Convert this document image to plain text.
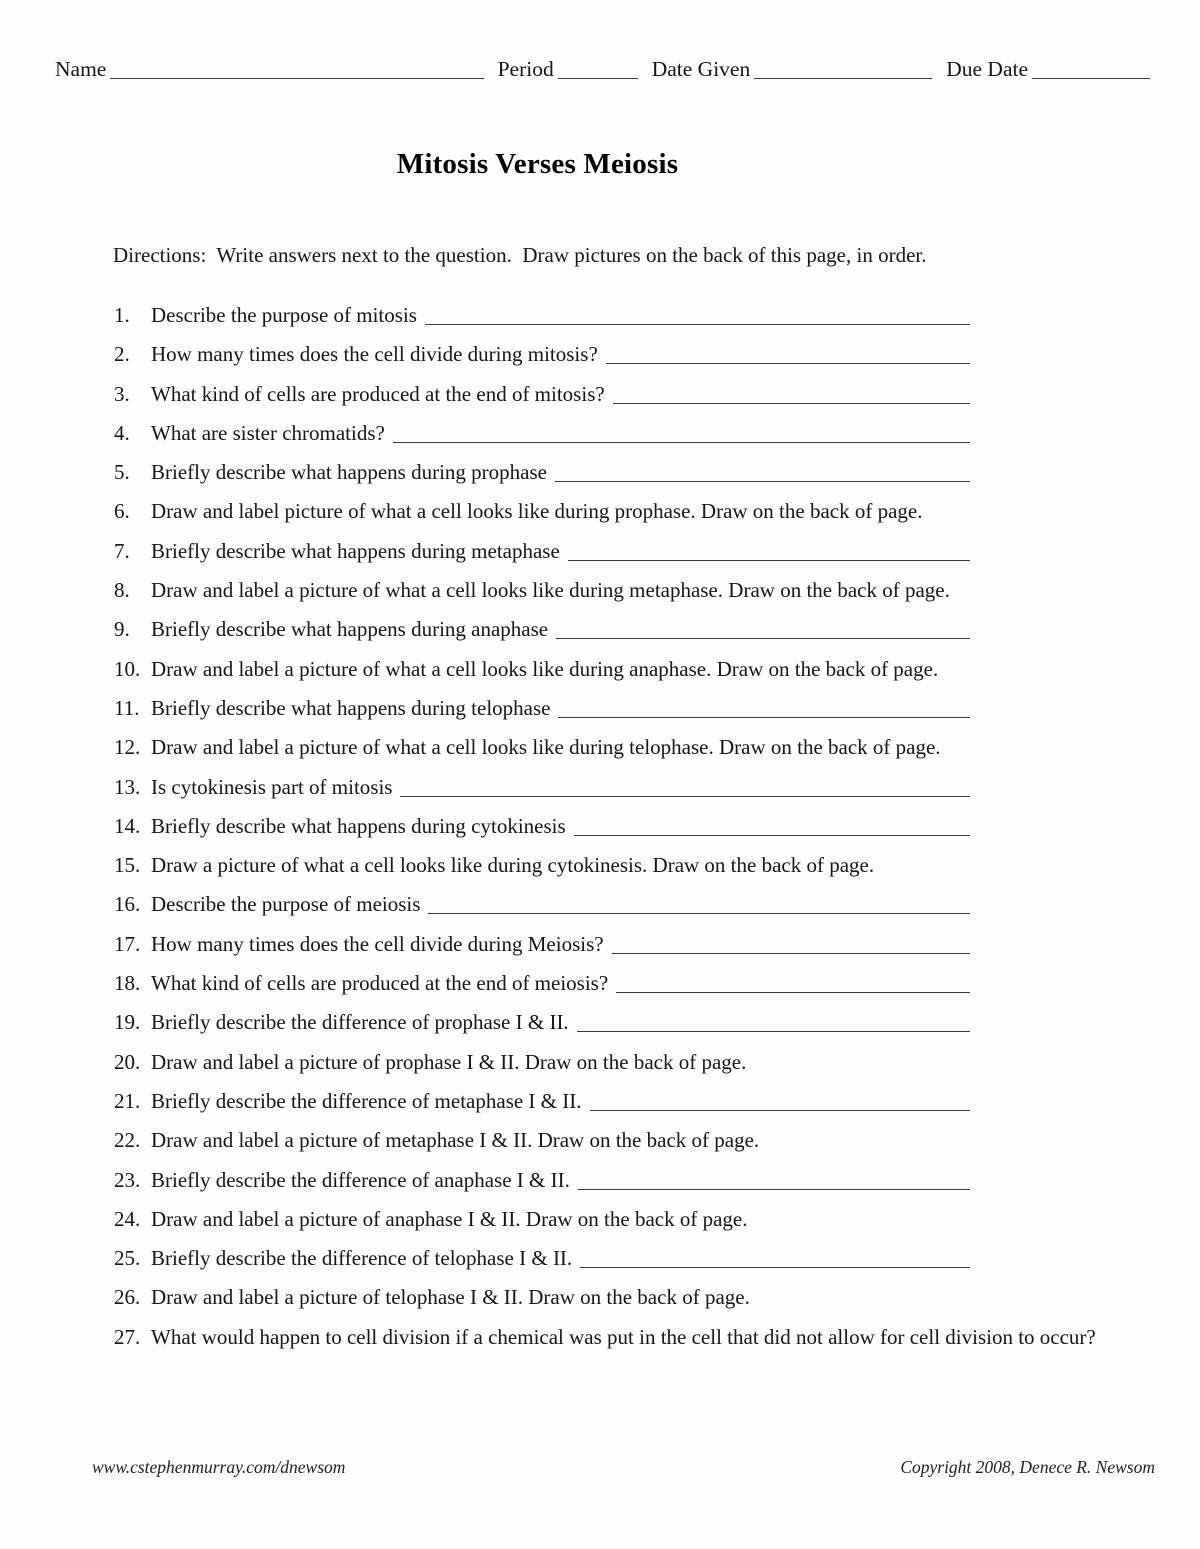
Name	Period	Date Given	Due Date
Mitosis Verses Meiosis
Directions:  Write answers next to the question.  Draw pictures on the back of this page, in order.
1.	Describe the purpose of mitosis
2.	How many times does the cell divide during mitosis?
3.	What kind of cells are produced at the end of mitosis?
4.	What are sister chromatids?
5.	Briefly describe what happens during prophase
6.	Draw and label picture of what a cell looks like during prophase. Draw on the back of page.
7.	Briefly describe what happens during metaphase
8.	Draw and label a picture of what a cell looks like during metaphase. Draw on the back of page.
9.	Briefly describe what happens during anaphase
10. Draw and label a picture of what a cell looks like during anaphase. Draw on the back of page.
11. Briefly describe what happens during telophase
12. Draw and label a picture of what a cell looks like during telophase. Draw on the back of page.
13. Is cytokinesis part of mitosis
14. Briefly describe what happens during cytokinesis
15. Draw a picture of what a cell looks like during cytokinesis. Draw on the back of page.
16. Describe the purpose of meiosis
17. How many times does the cell divide during Meiosis?
18. What kind of cells are produced at the end of meiosis?
19. Briefly describe the difference of prophase I & II.
20. Draw and label a picture of prophase I & II. Draw on the back of page.
21. Briefly describe the difference of metaphase I & II.
22. Draw and label a picture of metaphase I & II. Draw on the back of page.
23. Briefly describe the difference of anaphase I & II.
24. Draw and label a picture of anaphase I & II. Draw on the back of page.
25. Briefly describe the difference of telophase I & II.
26. Draw and label a picture of telophase I & II. Draw on the back of page.
27. What would happen to cell division if a chemical was put in the cell that did not allow for cell division to occur?
www.cstephenmurray.com/dnewsom	Copyright 2008, Denece R. Newsom
